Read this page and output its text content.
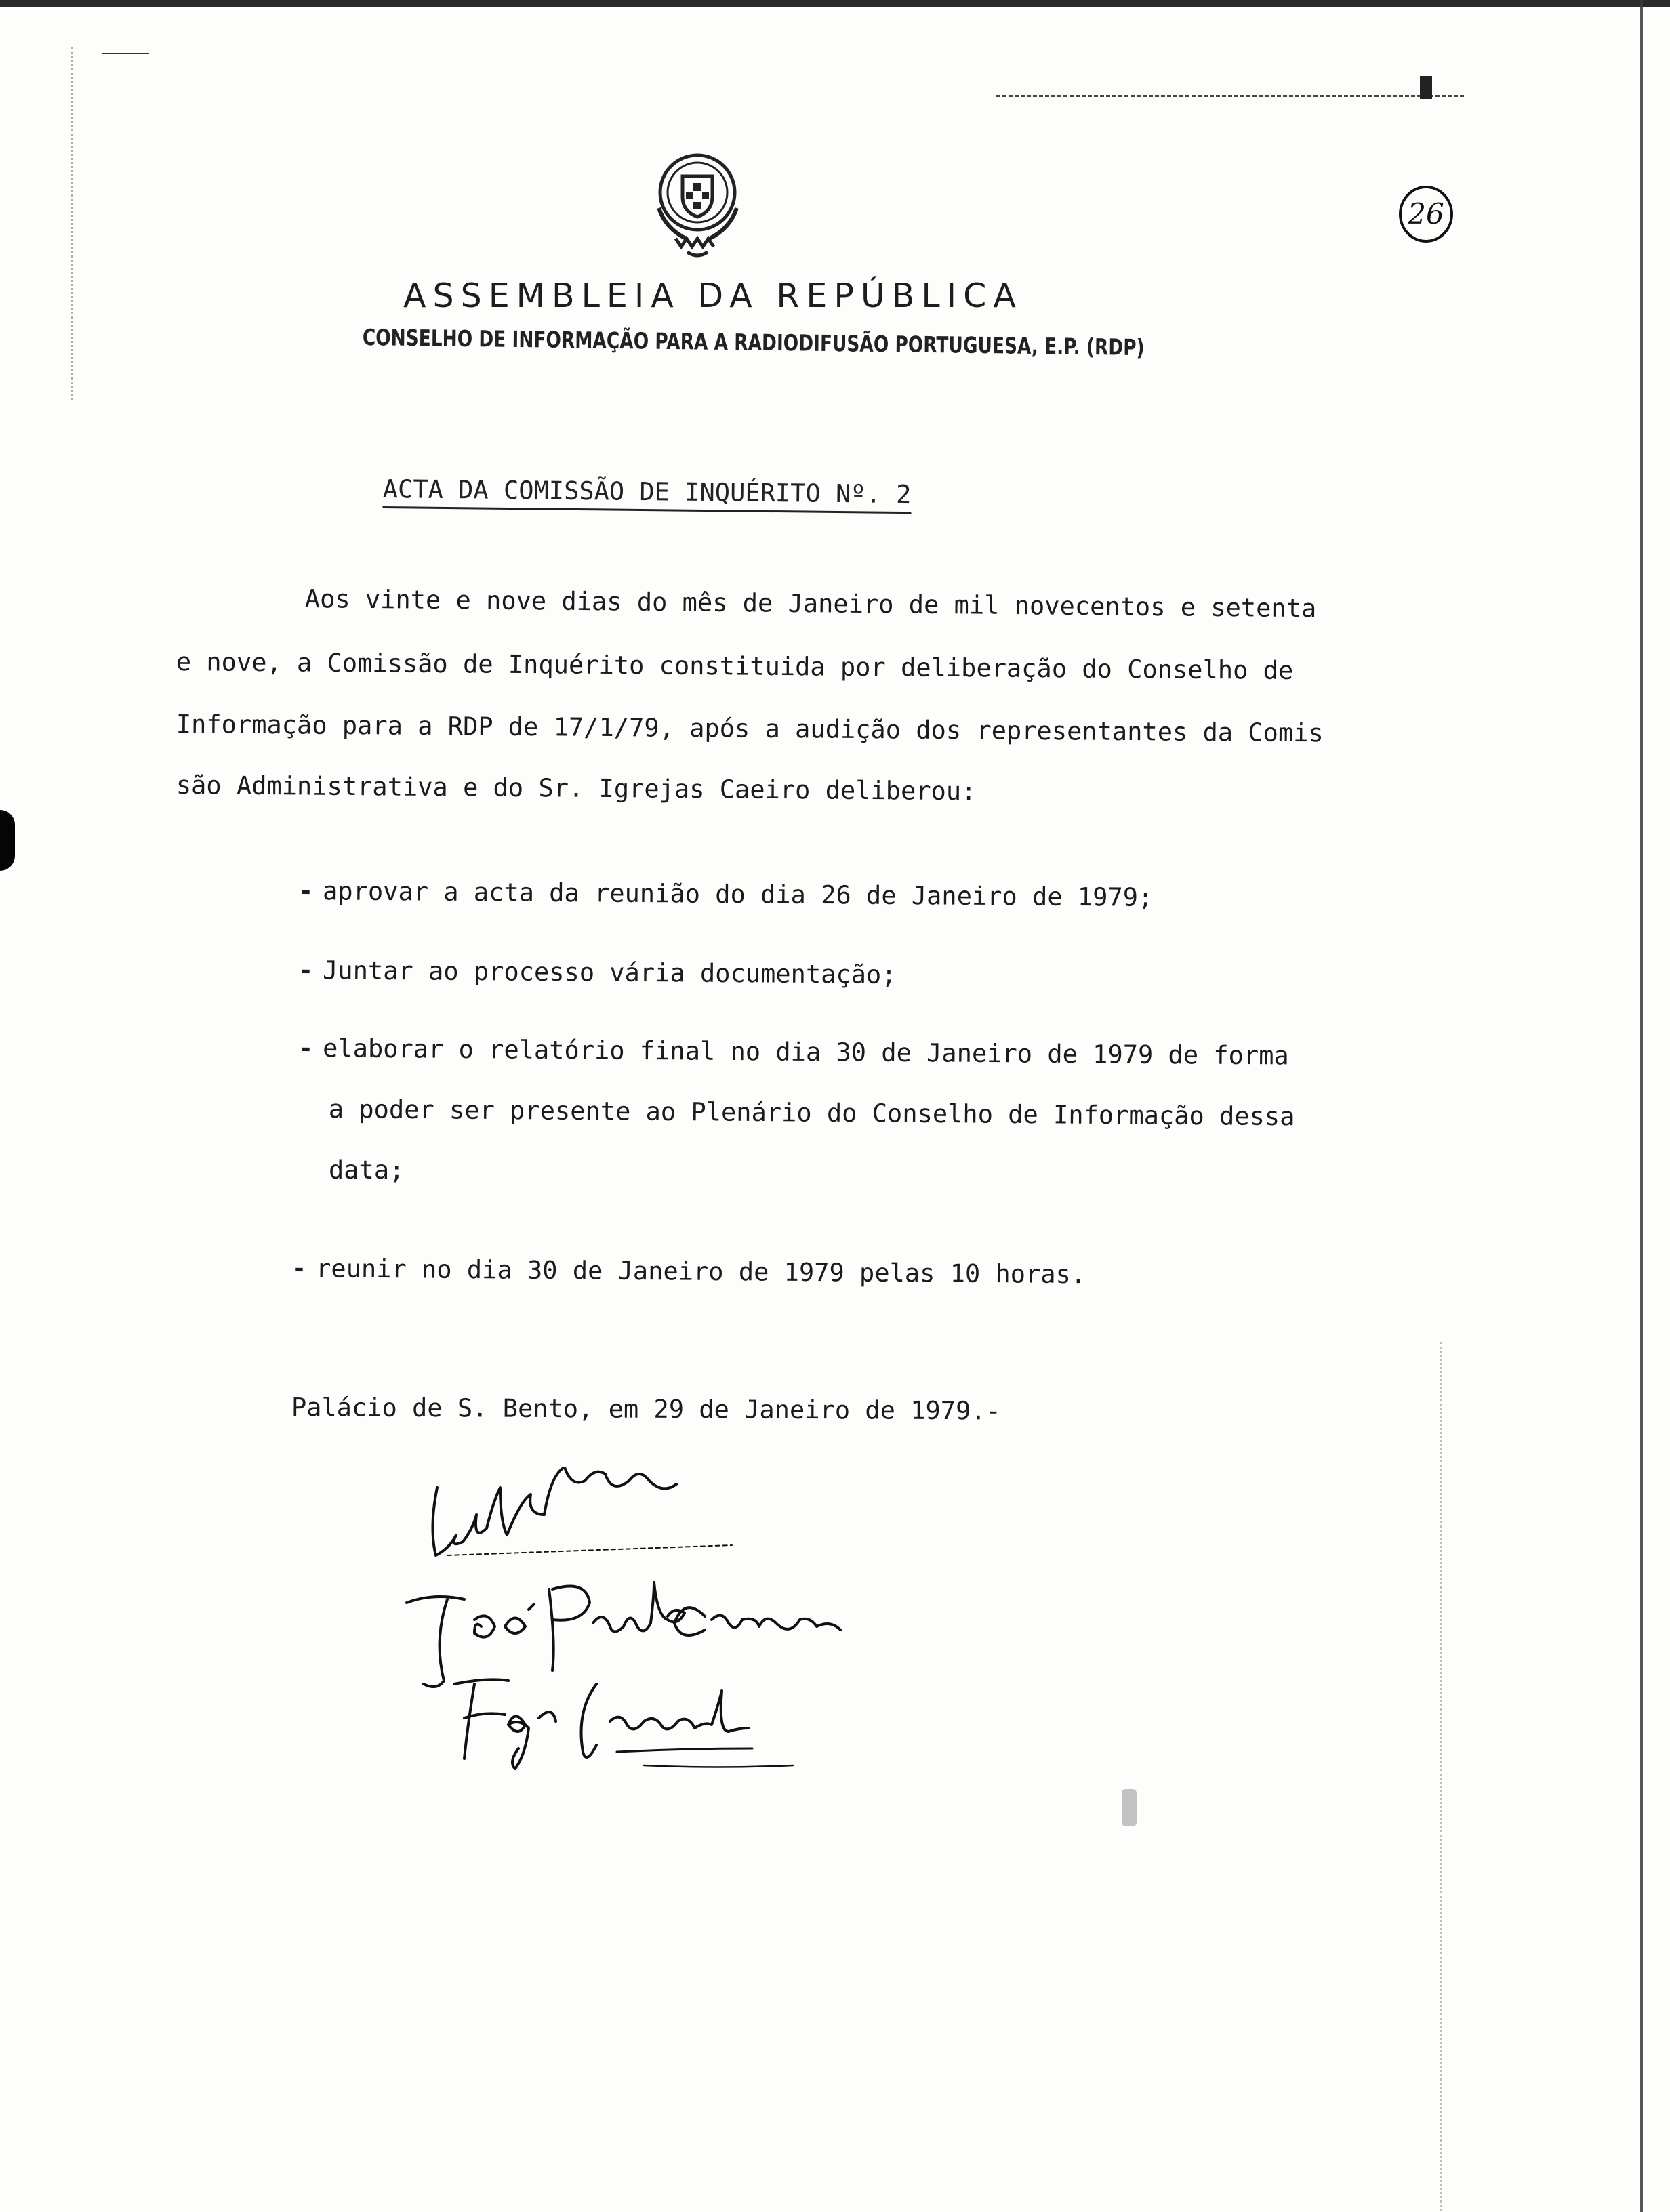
26
ASSEMBLEIA DA REPÚBLICA
CONSELHO DE INFORMAÇÃO PARA A RADIODIFUSÃO PORTUGUESA, E.P. (RDP)
ACTA DA COMISSÃO DE INQUÉRITO Nº. 2
Aos vinte e nove dias do mês de Janeiro de mil novecentos e setenta
e nove, a Comissão de Inquérito constituida por deliberação do Conselho de
Informação para a RDP de 17/1/79, após a audição dos representantes da Comis
são Administrativa e do Sr. Igrejas Caeiro deliberou:
- aprovar a acta da reunião do dia 26 de Janeiro de 1979;
- Juntar ao processo vária documentação;
- elaborar o relatório final no dia 30 de Janeiro de 1979 de forma
a poder ser presente ao Plenário do Conselho de Informação dessa
data;
- reunir no dia 30 de Janeiro de 1979 pelas 10 horas.
Palácio de S. Bento, em 29 de Janeiro de 1979.-
